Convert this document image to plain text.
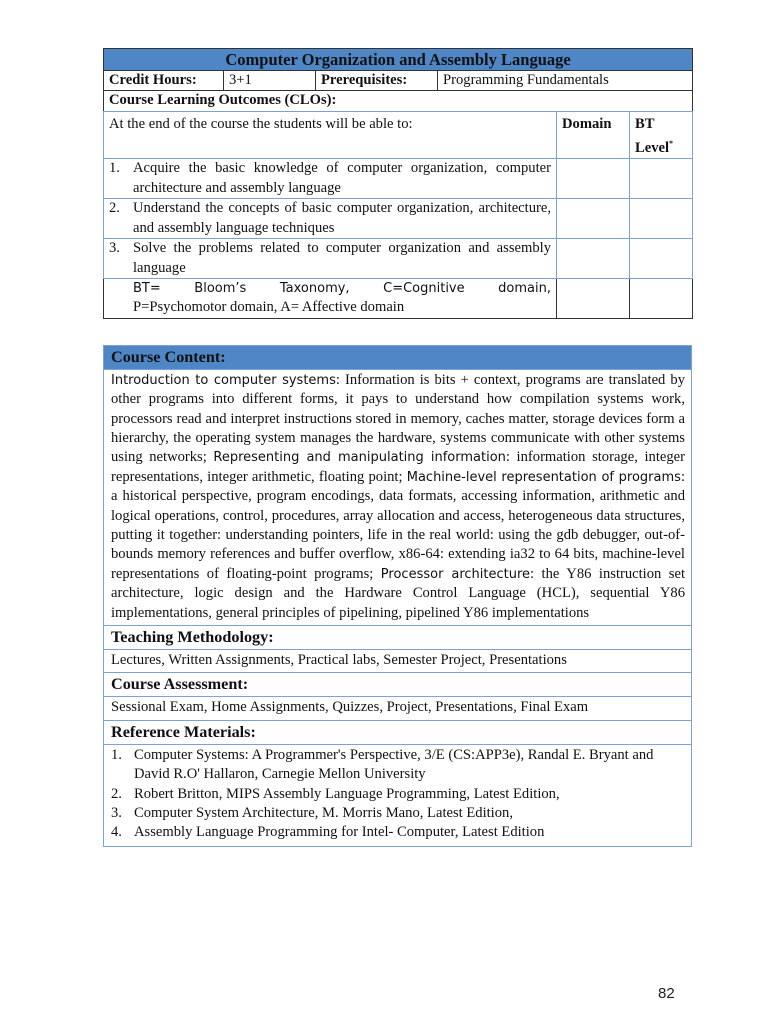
Computer Organization and Assembly Language					
Credit Hours:	3+1	Prerequisites:	Programming Fundamentals		
Course Learning Outcomes (CLOs):					
At the end of the course the students will be able to:				Domain	BT
Level*

1. Acquire the basic knowledge of computer organization, computer architecture and assembly language					

2. Understand the concepts of basic computer organization, architecture, and assembly language techniques					

3. Solve the problems related to computer organization and assembly language					

BT= Bloom’s Taxonomy, C=Cognitive domain,
P=Psychomotor domain, A= Affective domain					

Course Content:
Introduction to computer systems: Information is bits + context, programs are translated by other programs into different forms, it pays to understand how compilation systems work, processors read and interpret instructions stored in memory, caches matter, storage devices form a hierarchy, the operating system manages the hardware, systems communicate with other systems using networks; Representing and manipulating information: information storage, integer representations, integer arithmetic, floating point; Machine-level representation of programs: a historical perspective, program encodings, data formats, accessing information, arithmetic and logical operations, control, procedures, array allocation and access, heterogeneous data structures, putting it together: understanding pointers, life in the real world: using the gdb debugger, out-of-bounds memory references and buffer overflow, x86-64: extending ia32 to 64 bits, machine-level representations of floating-point programs; Processor architecture: the Y86 instruction set architecture, logic design and the Hardware Control Language (HCL), sequential Y86 implementations, general principles of pipelining, pipelined Y86 implementations
Teaching Methodology:
Lectures, Written Assignments, Practical labs, Semester Project, Presentations
Course Assessment:
Sessional Exam, Home Assignments, Quizzes, Project, Presentations, Final Exam
Reference Materials:

1. Computer Systems: A Programmer's Perspective, 3/E (CS:APP3e), Randal E. Bryant and David R.O' Hallaron, Carnegie Mellon University
2. Robert Britton, MIPS Assembly Language Programming, Latest Edition,
3. Computer System Architecture, M. Morris Mano, Latest Edition,
4. Assembly Language Programming for Intel- Computer, Latest Edition
82
